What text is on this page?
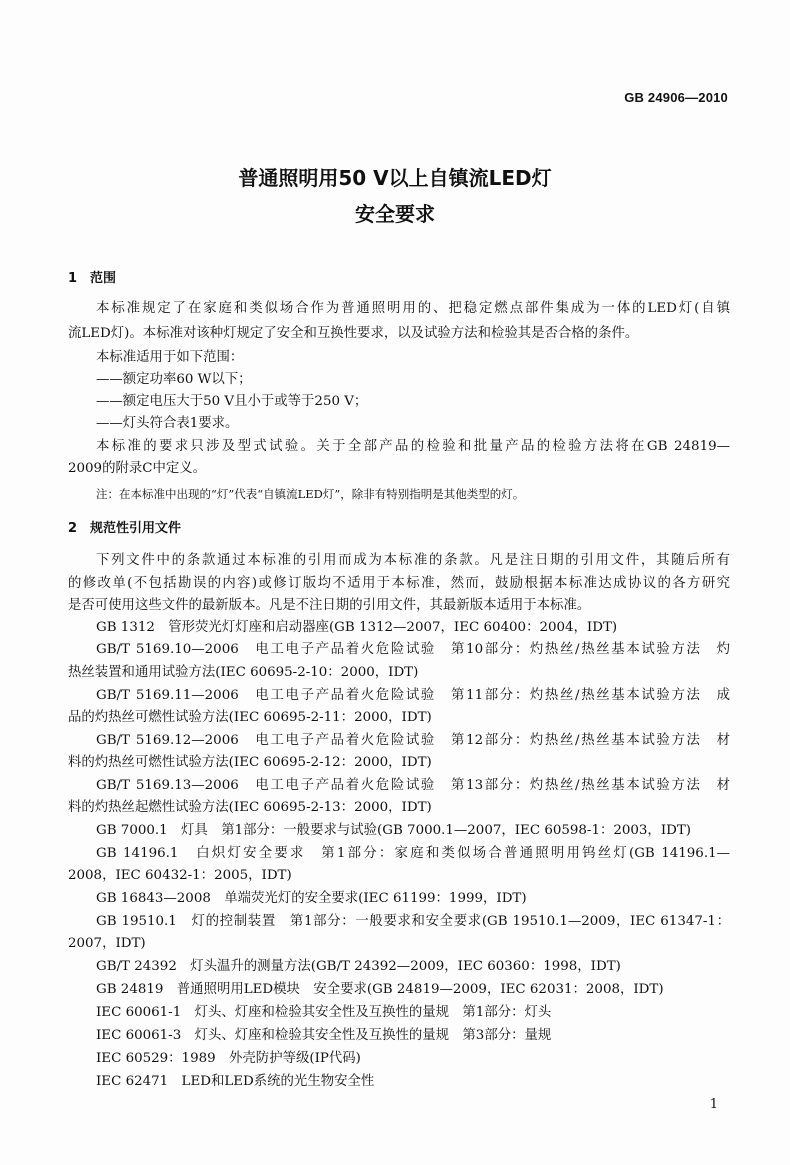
GB 24906—2010
普通照明用50 V以上自镇流LED灯
安全要求
1 范围
本标准规定了在家庭和类似场合作为普通照明用的、把稳定燃点部件集成为一体的LED灯(自镇
流LED灯)。本标准对该种灯规定了安全和互换性要求，以及试验方法和检验其是否合格的条件。
本标准适用于如下范围：
——额定功率60 W以下；
——额定电压大于50 V且小于或等于250 V；
——灯头符合表1要求。
本标准的要求只涉及型式试验。关于全部产品的检验和批量产品的检验方法将在GB 24819—
2009的附录C中定义。
注：在本标准中出现的“灯”代表“自镇流LED灯”，除非有特别指明是其他类型的灯。
2 规范性引用文件
下列文件中的条款通过本标准的引用而成为本标准的条款。凡是注日期的引用文件，其随后所有
的修改单(不包括勘误的内容)或修订版均不适用于本标准，然而，鼓励根据本标准达成协议的各方研究
是否可使用这些文件的最新版本。凡是不注日期的引用文件，其最新版本适用于本标准。
GB 1312　管形荧光灯灯座和启动器座(GB 1312—2007，IEC 60400：2004，IDT)
GB/T 5169.10—2006　电工电子产品着火危险试验　第10部分：灼热丝/热丝基本试验方法　灼
热丝装置和通用试验方法(IEC 60695-2-10：2000，IDT)
GB/T 5169.11—2006　电工电子产品着火危险试验　第11部分：灼热丝/热丝基本试验方法　成
品的灼热丝可燃性试验方法(IEC 60695-2-11：2000，IDT)
GB/T 5169.12—2006　电工电子产品着火危险试验　第12部分：灼热丝/热丝基本试验方法　材
料的灼热丝可燃性试验方法(IEC 60695-2-12：2000，IDT)
GB/T 5169.13—2006　电工电子产品着火危险试验　第13部分：灼热丝/热丝基本试验方法　材
料的灼热丝起燃性试验方法(IEC 60695-2-13：2000，IDT)
GB 7000.1　灯具　第1部分：一般要求与试验(GB 7000.1—2007，IEC 60598-1：2003，IDT)
GB 14196.1　白炽灯安全要求　第1部分：家庭和类似场合普通照明用钨丝灯(GB 14196.1—
2008，IEC 60432-1：2005，IDT)
GB 16843—2008　单端荧光灯的安全要求(IEC 61199：1999，IDT)
GB 19510.1　灯的控制装置　第1部分：一般要求和安全要求(GB 19510.1—2009，IEC 61347-1：
2007，IDT)
GB/T 24392　灯头温升的测量方法(GB/T 24392—2009，IEC 60360：1998，IDT)
GB 24819　普通照明用LED模块　安全要求(GB 24819—2009，IEC 62031：2008，IDT)
IEC 60061-1　灯头、灯座和检验其安全性及互换性的量规　第1部分：灯头
IEC 60061-3　灯头、灯座和检验其安全性及互换性的量规　第3部分：量规
IEC 60529：1989　外壳防护等级(IP代码)
IEC 62471　LED和LED系统的光生物安全性
1
